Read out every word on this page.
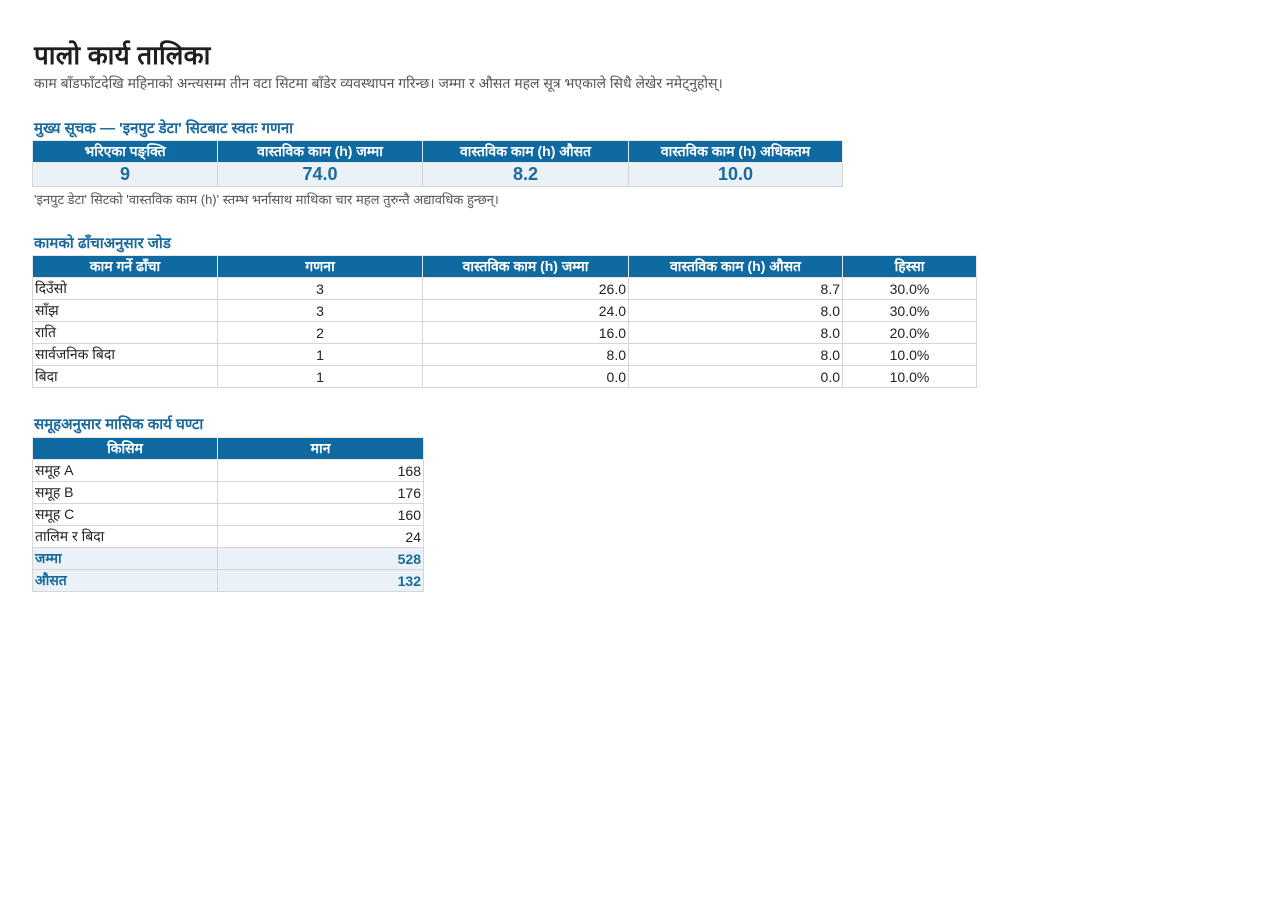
पालो कार्य तालिका
काम बाँडफाँटदेखि महिनाको अन्त्यसम्म तीन वटा सिटमा बाँडेर व्यवस्थापन गरिन्छ। जम्मा र औसत महल सूत्र भएकाले सिधै लेखेर नमेट्नुहोस्।
मुख्य सूचक — 'इनपुट डेटा' सिटबाट स्वतः गणना
भरिएका पङ्क्ति	वास्तविक काम (h) जम्मा	वास्तविक काम (h) औसत	वास्तविक काम (h) अधिकतम
9	74.0	8.2	10.0
'इनपुट डेटा' सिटको 'वास्तविक काम (h)' स्तम्भ भर्नासाथ माथिका चार महल तुरुन्तै अद्यावधिक हुन्छन्।
कामको ढाँचाअनुसार जोड
काम गर्ने ढाँचा	गणना	वास्तविक काम (h) जम्मा	वास्तविक काम (h) औसत	हिस्सा
दिउँसो	3	26.0	8.7	30.0%
साँझ	3	24.0	8.0	30.0%
राति	2	16.0	8.0	20.0%
सार्वजनिक बिदा	1	8.0	8.0	10.0%
बिदा	1	0.0	0.0	10.0%
समूहअनुसार मासिक कार्य घण्टा
किसिम	मान
समूह A	168
समूह B	176
समूह C	160
तालिम र बिदा	24
जम्मा	528
औसत	132
